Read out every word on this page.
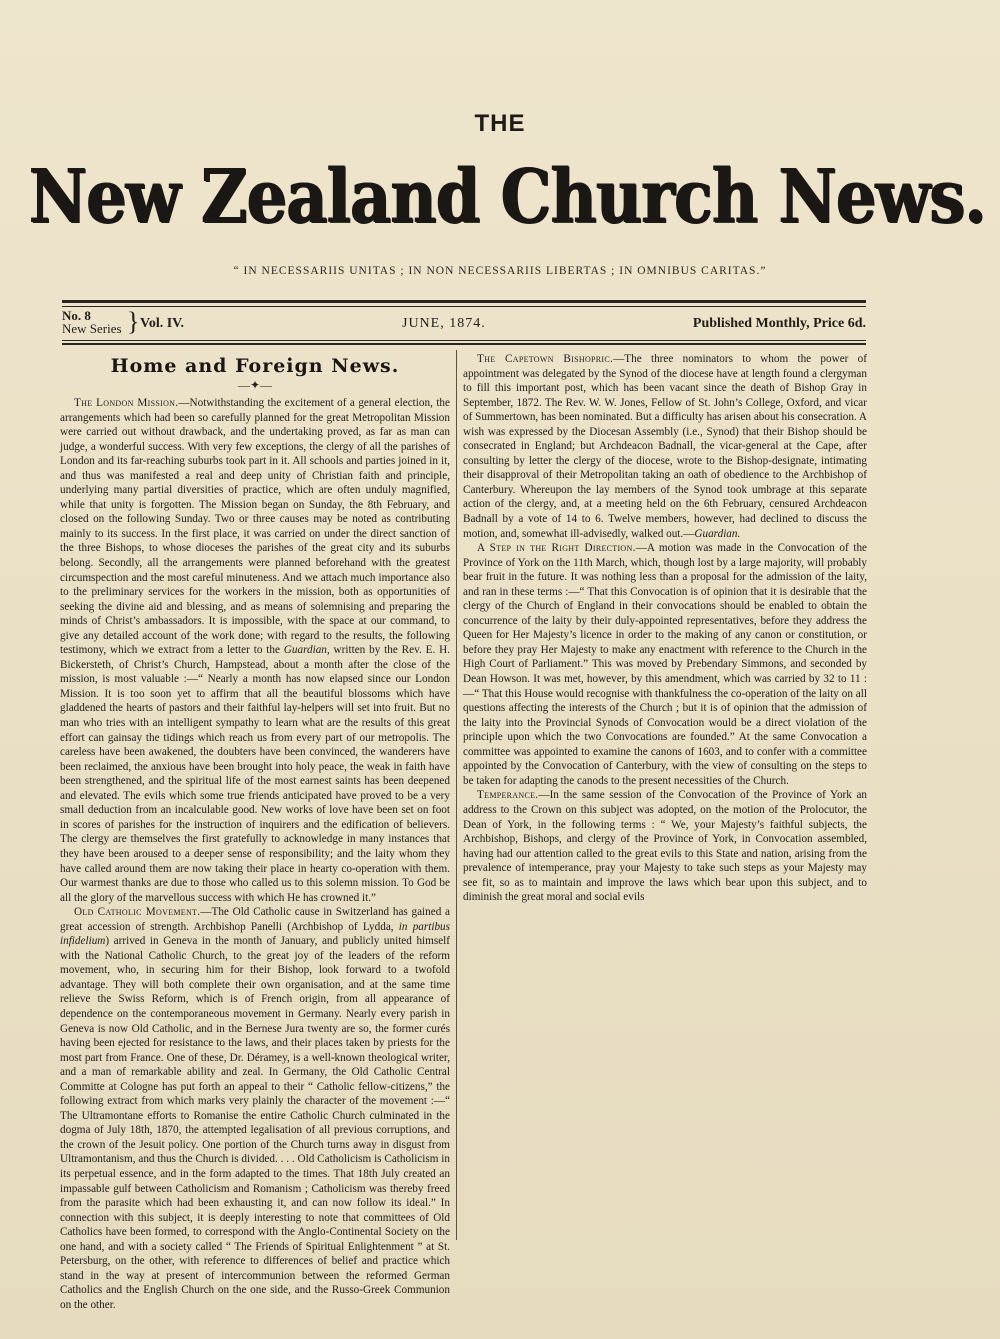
THE
New Zealand Church News.
“ IN NECESSARIIS UNITAS ; IN NON NECESSARIIS LIBERTAS ; IN OMNIBUS CARITAS.”
No. 8
New Series } Vol. IV.	JUNE, 1874.	Published Monthly, Price 6d.
Home and Foreign News.
—✦—

The London Mission.—Notwithstanding the excitement of a general election, the arrangements which had been so carefully planned for the great Metropolitan Mission were carried out without drawback, and the undertaking proved, as far as man can judge, a wonderful success. With very few exceptions, the clergy of all the parishes of London and its far-reaching suburbs took part in it. All schools and parties joined in it, and thus was manifested a real and deep unity of Christian faith and principle, underlying many partial diversities of practice, which are often unduly magnified, while that unity is forgotten. The Mission began on Sunday, the 8th February, and closed on the following Sunday. Two or three causes may be noted as contributing mainly to its success. In the first place, it was carried on under the direct sanction of the three Bishops, to whose dioceses the parishes of the great city and its suburbs belong. Secondly, all the arrangements were planned beforehand with the greatest circumspection and the most careful minuteness. And we attach much importance also to the preliminary services for the workers in the mission, both as opportunities of seeking the divine aid and blessing, and as means of solemnising and preparing the minds of Christ’s ambassadors. It is impossible, with the space at our command, to give any detailed account of the work done; with regard to the results, the following testimony, which we extract from a letter to the Guardian, written by the Rev. E. H. Bickersteth, of Christ’s Church, Hampstead, about a month after the close of the mission, is most valuable :—“ Nearly a month has now elapsed since our London Mission. It is too soon yet to affirm that all the beautiful blossoms which have gladdened the hearts of pastors and their faithful lay-helpers will set into fruit. But no man who tries with an intelligent sympathy to learn what are the results of this great effort can gainsay the tidings which reach us from every part of our metropolis. The careless have been awakened, the doubters have been convinced, the wanderers have been reclaimed, the anxious have been brought into holy peace, the weak in faith have been strengthened, and the spiritual life of the most earnest saints has been deepened and elevated. The evils which some true friends anticipated have proved to be a very small deduction from an incalculable good. New works of love have been set on foot in scores of parishes for the instruction of inquirers and the edification of believers. The clergy are themselves the first gratefully to acknowledge in many instances that they have been aroused to a deeper sense of responsibility; and the laity whom they have called around them are now taking their place in hearty co-operation with them. Our warmest thanks are due to those who called us to this solemn mission. To God be all the glory of the marvellous success with which He has crowned it.”

Old Catholic Movement.—The Old Catholic cause in Switzerland has gained a great accession of strength. Archbishop Panelli (Archbishop of Lydda, in partibus infidelium) arrived in Geneva in the month of January, and publicly united himself with the National Catholic Church, to the great joy of the leaders of the reform movement, who, in securing him for their Bishop, look forward to a twofold advantage. They will both complete their own organisation, and at the same time relieve the Swiss Reform, which is of French origin, from all appearance of dependence on the contemporaneous movement in Germany. Nearly every parish in Geneva is now Old Catholic, and in the Bernese Jura twenty are so, the former curés having been ejected for resistance to the laws, and their places taken by priests for the most part from France. One of these, Dr. Déramey, is a well-known theological writer, and a man of remarkable ability and zeal. In Germany, the Old Catholic Central Committe at Cologne has put forth an appeal to their “ Catholic fellow-citizens,” the following extract from which marks very plainly the character of the movement :—“ The Ultramontane efforts to Romanise the entire Catholic Church culminated in the dogma of July 18th, 1870, the attempted legalisation of all previous corruptions, and the crown of the Jesuit policy. One portion of the Church turns away in disgust from Ultramontanism, and thus the Church is divided. . . . Old Catholicism is Catholicism in its perpetual essence, and in the form adapted to the times. That 18th July created an impassable gulf between Catholicism and Romanism ; Catholicism was thereby freed from the parasite which had been exhausting it, and can now follow its ideal.” In connection with this subject, it is deeply interesting to note that committees of Old Catholics have been formed, to correspond with the Anglo-Continental Society on the one hand, and with a society called “ The Friends of Spiritual Enlightenment ” at St. Petersburg, on the other, with reference to differences of belief and practice which stand in the way at present of intercommunion between the reformed German Catholics and the English Church on the one side, and the Russo-Greek Communion on the other.

The Capetown Bishopric.—The three nominators to whom the power of appointment was delegated by the Synod of the diocese have at length found a clergyman to fill this important post, which has been vacant since the death of Bishop Gray in September, 1872. The Rev. W. W. Jones, Fellow of St. John’s College, Oxford, and vicar of Summertown, has been nominated. But a difficulty has arisen about his consecration. A wish was expressed by the Diocesan Assembly (i.e., Synod) that their Bishop should be consecrated in England; but Archdeacon Badnall, the vicar-general at the Cape, after consulting by letter the clergy of the diocese, wrote to the Bishop-designate, intimating their disapproval of their Metropolitan taking an oath of obedience to the Archbishop of Canterbury. Whereupon the lay members of the Synod took umbrage at this separate action of the clergy, and, at a meeting held on the 6th February, censured Archdeacon Badnall by a vote of 14 to 6. Twelve members, however, had declined to discuss the motion, and, somewhat ill-advisedly, walked out.—Guardian.

A Step in the Right Direction.—A motion was made in the Convocation of the Province of York on the 11th March, which, though lost by a large majority, will probably bear fruit in the future. It was nothing less than a proposal for the admission of the laity, and ran in these terms :—“ That this Convocation is of opinion that it is desirable that the clergy of the Church of England in their convocations should be enabled to obtain the concurrence of the laity by their duly-appointed representatives, before they address the Queen for Her Majesty’s licence in order to the making of any canon or constitution, or before they pray Her Majesty to make any enactment with reference to the Church in the High Court of Parliament.” This was moved by Prebendary Simmons, and seconded by Dean Howson. It was met, however, by this amendment, which was carried by 32 to 11 :—“ That this House would recognise with thankfulness the co-operation of the laity on all questions affecting the interests of the Church ; but it is of opinion that the admission of the laity into the Provincial Synods of Convocation would be a direct violation of the principle upon which the two Convocations are founded.” At the same Convocation a committee was appointed to examine the canons of 1603, and to confer with a committee appointed by the Convocation of Canterbury, with the view of consulting on the steps to be taken for adapting the canods to the present necessities of the Church.

Temperance.—In the same session of the Convocation of the Province of York an address to the Crown on this subject was adopted, on the motion of the Prolocutor, the Dean of York, in the following terms : “ We, your Majesty’s faithful subjects, the Archbishop, Bishops, and clergy of the Province of York, in Convocation assembled, having had our attention called to the great evils to this State and nation, arising from the prevalence of intemperance, pray your Majesty to take such steps as your Majesty may see fit, so as to maintain and improve the laws which bear upon this subject, and to diminish the great moral and social evils
